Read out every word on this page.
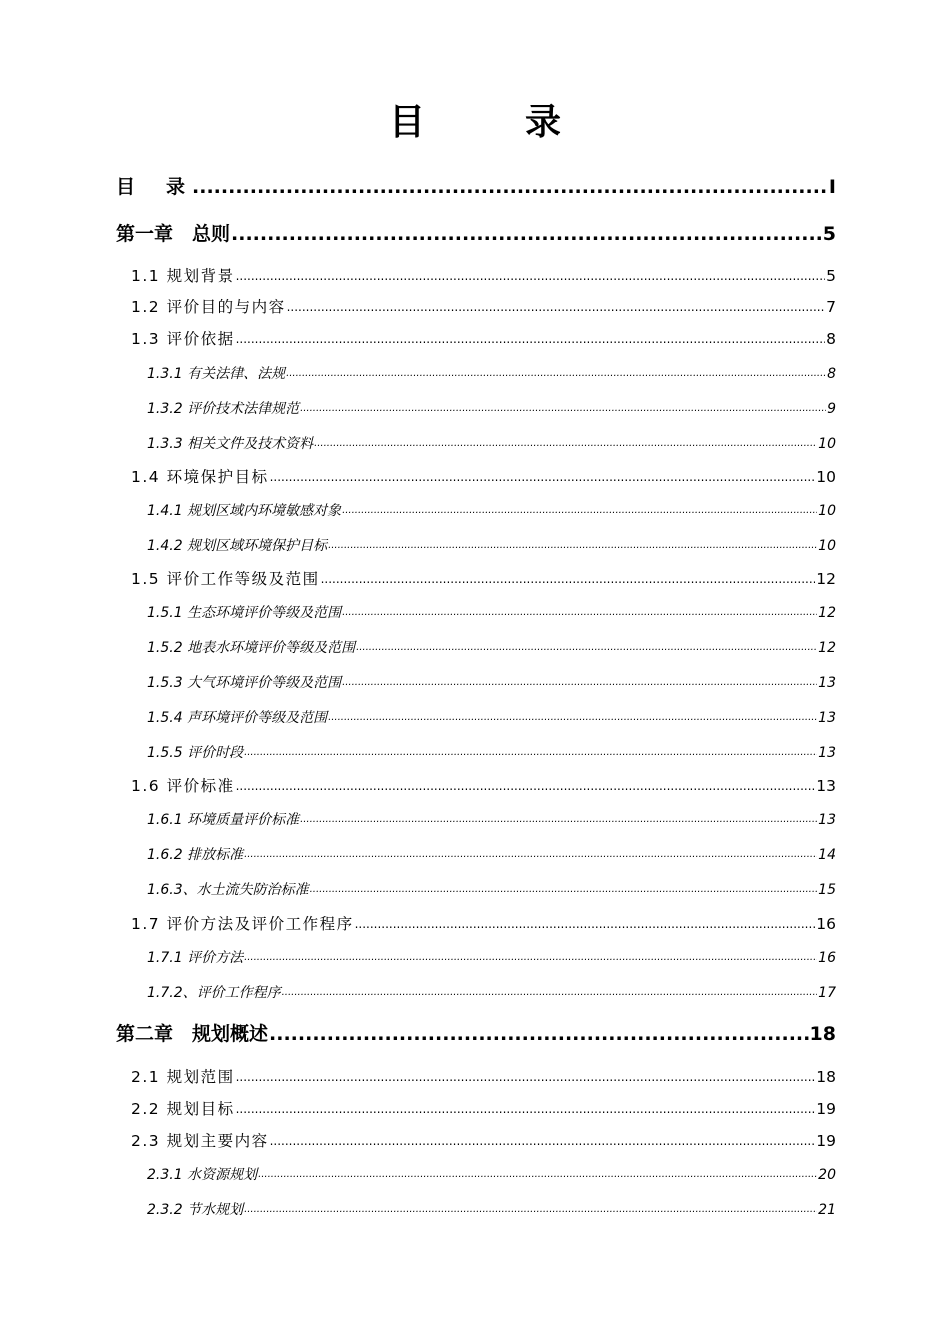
目　录
目　录 .....	I
第一章　总则 .....	5
1.1 规划背景 .....	5
1.2 评价目的与内容 .....	7
1.3 评价依据 .....	8
1.3.1 有关法律、法规 .....	8
1.3.2 评价技术法律规范 .....	9
1.3.3 相关文件及技术资料 .....	10
1.4 环境保护目标 .....	10
1.4.1 规划区域内环境敏感对象 .....	10
1.4.2 规划区域环境保护目标 .....	10
1.5 评价工作等级及范围 .....	12
1.5.1 生态环境评价等级及范围 .....	12
1.5.2 地表水环境评价等级及范围 .....	12
1.5.3 大气环境评价等级及范围 .....	13
1.5.4 声环境评价等级及范围 .....	13
1.5.5 评价时段 .....	13
1.6 评价标准 .....	13
1.6.1 环境质量评价标准 .....	13
1.6.2 排放标准 .....	14
1.6.3、水土流失防治标准 .....	15
1.7 评价方法及评价工作程序 .....	16
1.7.1 评价方法 .....	16
1.7.2、评价工作程序 .....	17
第二章　规划概述 .....	18
2.1 规划范围 .....	18
2.2 规划目标 .....	19
2.3 规划主要内容 .....	19
2.3.1 水资源规划 .....	20
2.3.2 节水规划 .....	21
